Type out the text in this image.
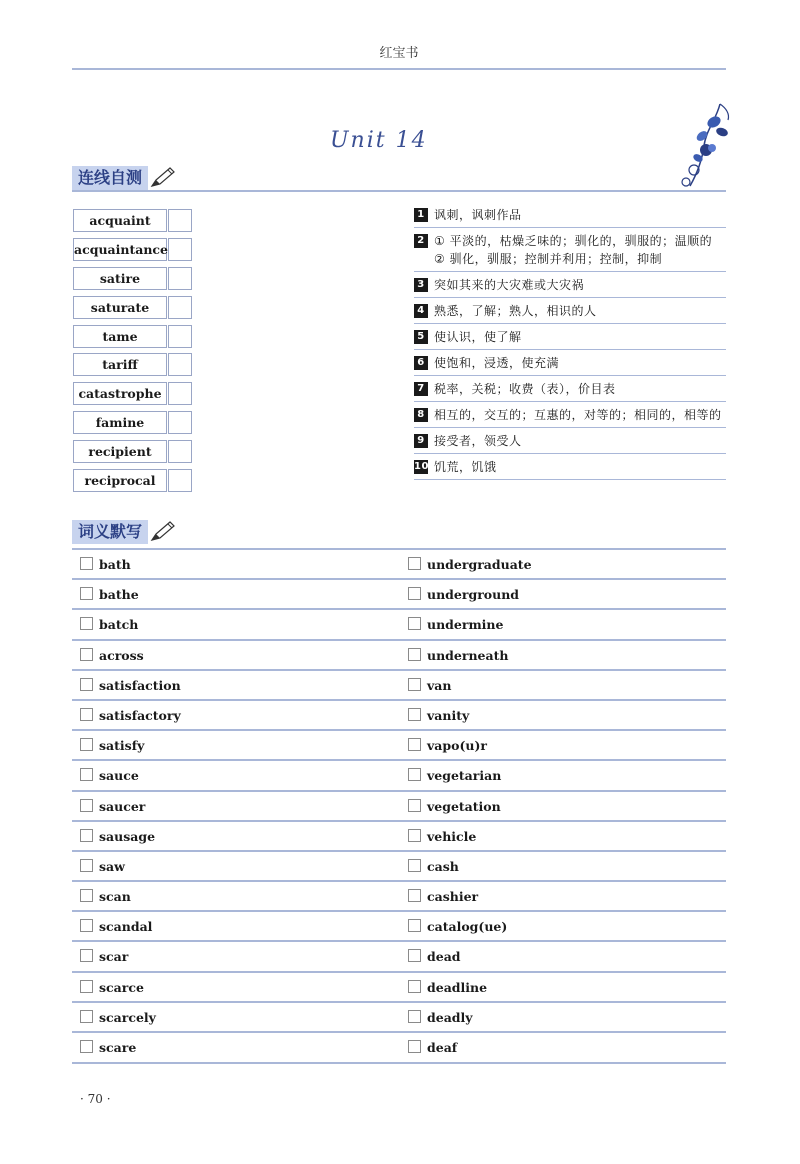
红宝书
Unit 14
连线自测
acquaint
acquaintance
satire
saturate
tame
tariff
catastrophe
famine
recipient
reciprocal
1 讽刺，讽刺作品
2 ① 平淡的，枯燥乏味的；驯化的，驯服的；温顺的 ② 驯化，驯服；控制并利用；控制，抑制
3 突如其来的大灾难或大灾祸
4 熟悉，了解；熟人，相识的人
5 使认识，使了解
6 使饱和，浸透，使充满
7 税率，关税；收费（表），价目表
8 相互的，交互的；互惠的，对等的；相同的，相等的
9 接受者，领受人
10 饥荒，饥饿
词义默写
bath	undergraduate
bathe	underground
batch	undermine
across	underneath
satisfaction	van
satisfactory	vanity
satisfy	vapo(u)r
sauce	vegetarian
saucer	vegetation
sausage	vehicle
saw	cash
scan	cashier
scandal	catalog(ue)
scar	dead
scarce	deadline
scarcely	deadly
scare	deaf
· 70 ·
